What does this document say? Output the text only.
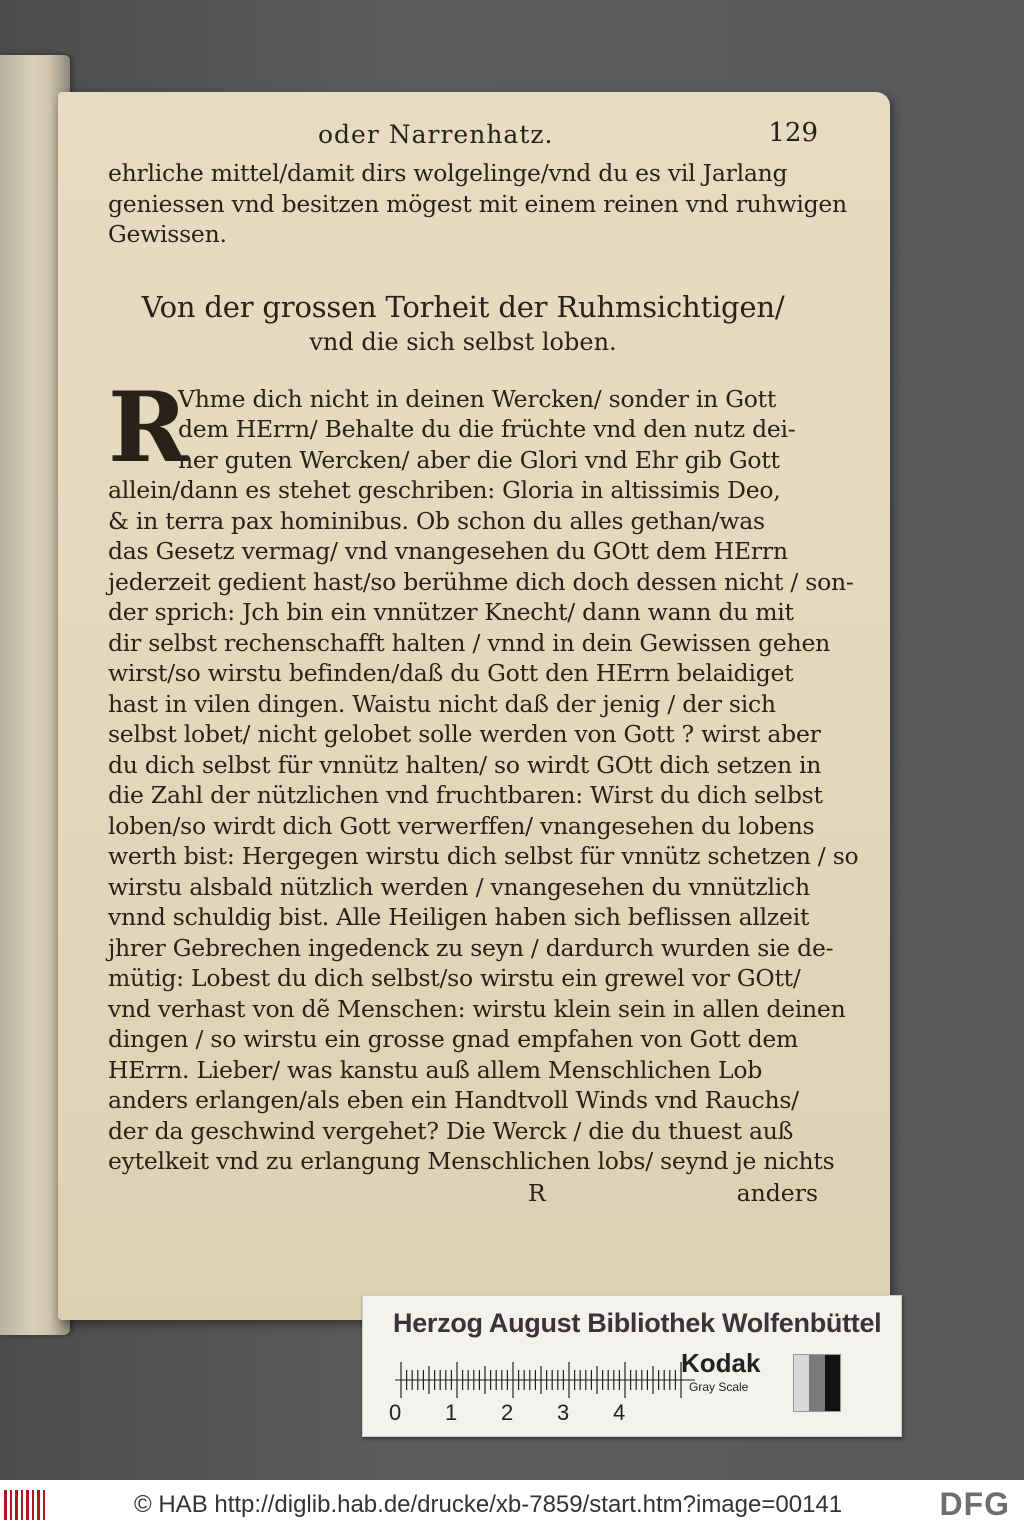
oder Narrenhatz.	129
ehrliche mittel/damit dirs wolgelinge/vnd du es vil Jarlang
geniessen vnd besitzen mögest mit einem reinen vnd ruhwigen
Gewissen.
Von der grossen Torheit der Ruhmsichtigen/
vnd die sich selbst loben.
R
Vhme dich nicht in deinen Wercken/ sonder in Gott
dem HErrn/ Behalte du die früchte vnd den nutz dei-
ner guten Wercken/ aber die Glori vnd Ehr gib Gott
allein/dann es stehet geschriben: Gloria in altissimis Deo,
& in terra pax hominibus. Ob schon du alles gethan/was
das Gesetz vermag/ vnd vnangesehen du GOtt dem HErrn
jederzeit gedient hast/so berühme dich doch dessen nicht / son-
der sprich: Jch bin ein vnnützer Knecht/ dann wann du mit
dir selbst rechenschafft halten / vnnd in dein Gewissen gehen
wirst/so wirstu befinden/daß du Gott den HErrn belaidiget
hast in vilen dingen. Waistu nicht daß der jenig / der sich
selbst lobet/ nicht gelobet solle werden von Gott ? wirst aber
du dich selbst für vnnütz halten/ so wirdt GOtt dich setzen in
die Zahl der nützlichen vnd fruchtbaren: Wirst du dich selbst
loben/so wirdt dich Gott verwerffen/ vnangesehen du lobens
werth bist: Hergegen wirstu dich selbst für vnnütz schetzen / so
wirstu alsbald nützlich werden / vnangesehen du vnnützlich
vnnd schuldig bist. Alle Heiligen haben sich beflissen allzeit
jhrer Gebrechen ingedenck zu seyn / dardurch wurden sie de-
mütig: Lobest du dich selbst/so wirstu ein grewel vor GOtt/
vnd verhast von dẽ Menschen: wirstu klein sein in allen deinen
dingen / so wirstu ein grosse gnad empfahen von Gott dem
HErrn. Lieber/ was kanstu auß allem Menschlichen Lob
anders erlangen/als eben ein Handtvoll Winds vnd Rauchs/
der da geschwind vergehet? Die Werck / die du thuest auß
eytelkeit vnd zu erlangung Menschlichen lobs/ seynd je nichts
R	anders
Herzog August Bibliothek Wolfenbüttel
0 1 2 3 4
Kodak
Gray Scale
© HAB http://diglib.hab.de/drucke/xb-7859/start.htm?image=00141	DFG
